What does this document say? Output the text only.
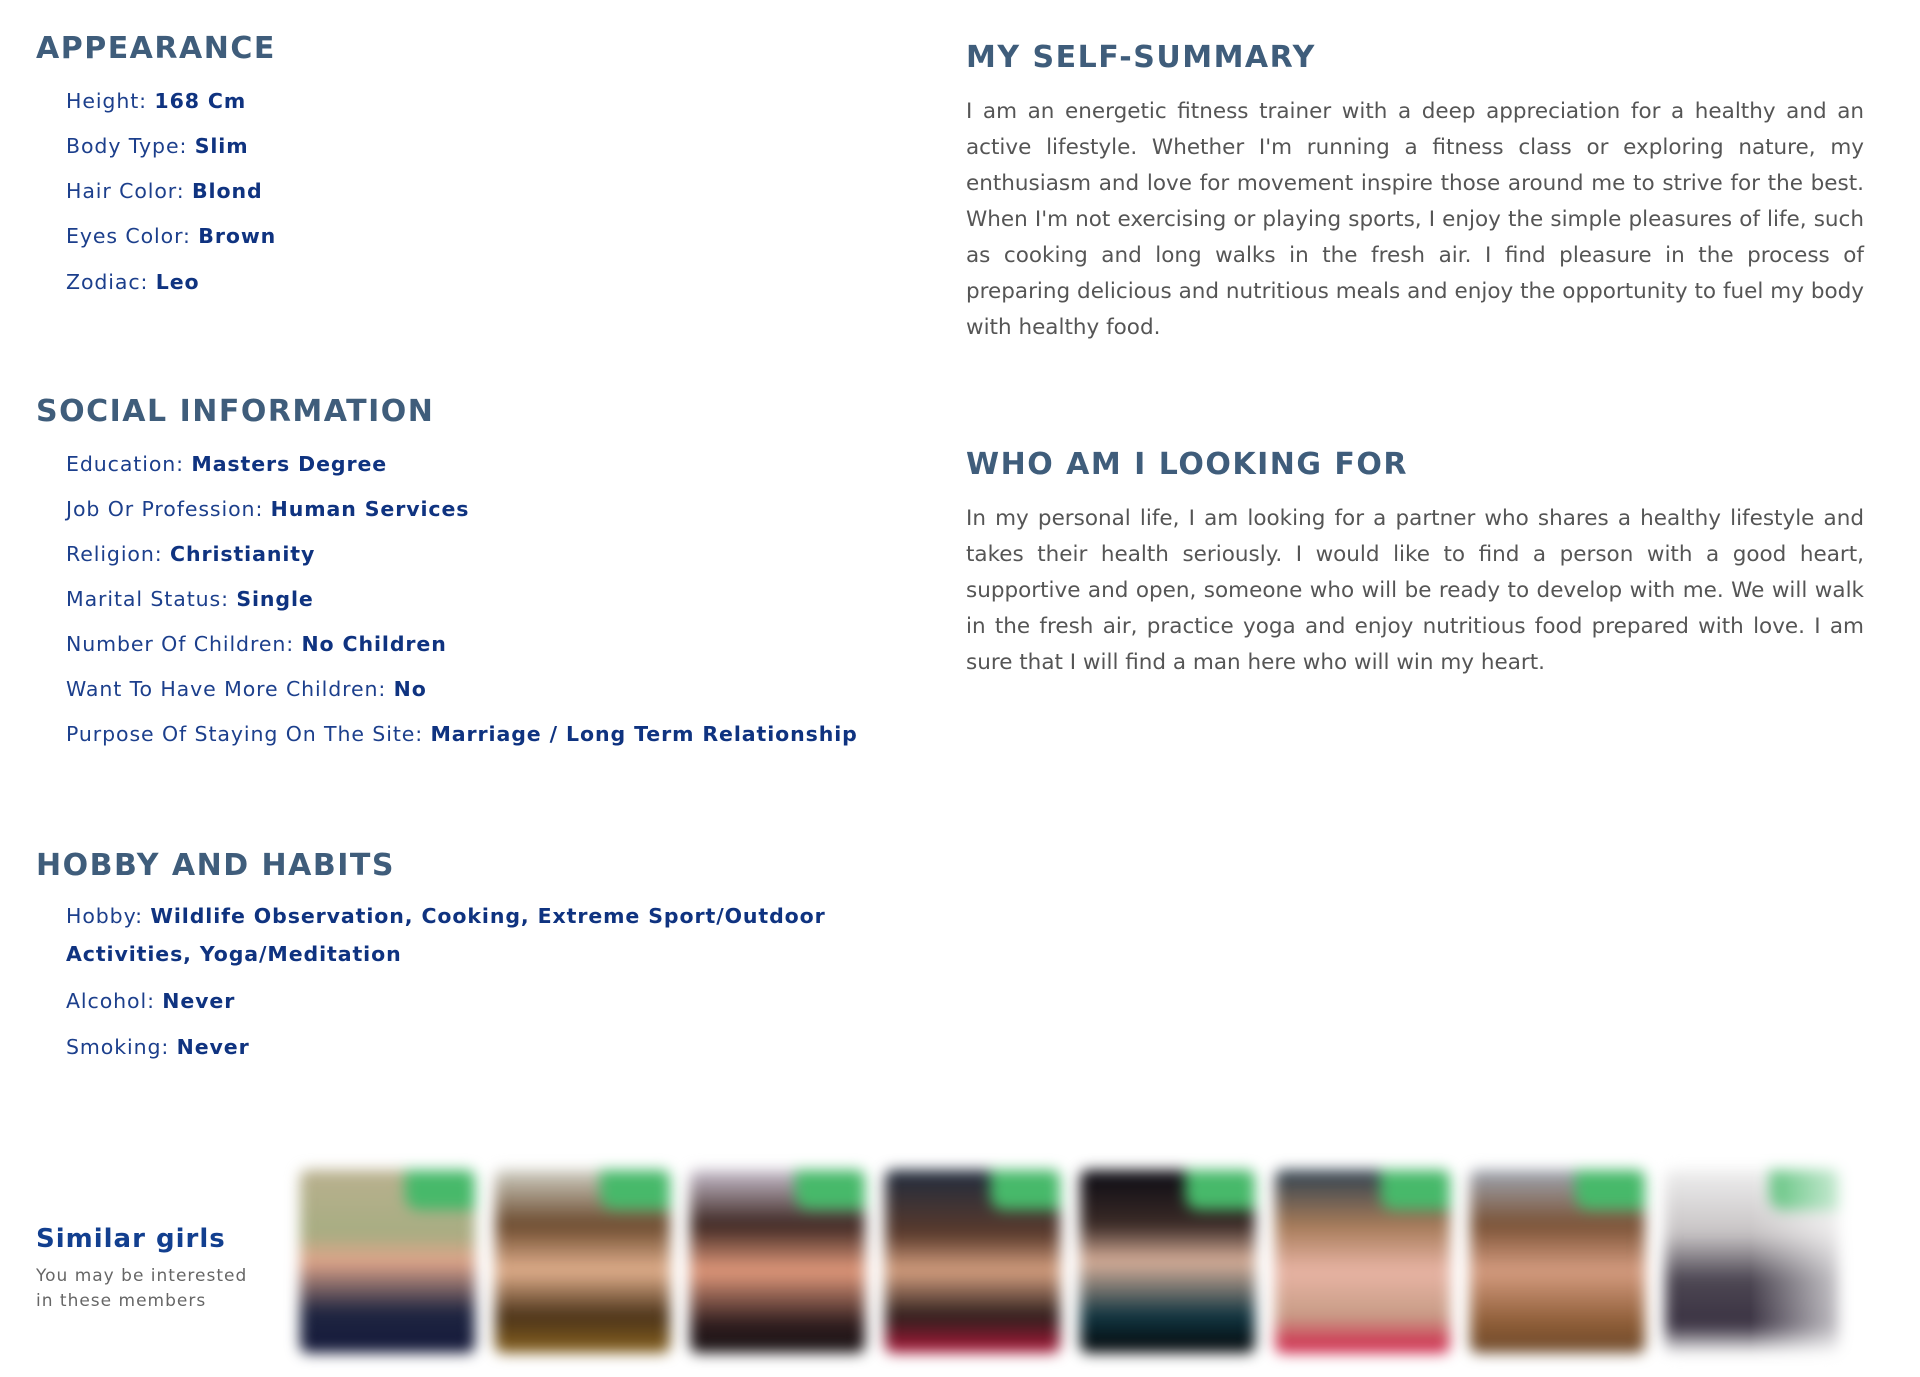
APPEARANCE
Height: 168 Cm
Body Type: Slim
Hair Color: Blond
Eyes Color: Brown
Zodiac: Leo
SOCIAL INFORMATION
Education: Masters Degree
Job Or Profession: Human Services
Religion: Christianity
Marital Status: Single
Number Of Children: No Children
Want To Have More Children: No
Purpose Of Staying On The Site: Marriage / Long Term Relationship
HOBBY AND HABITS
Hobby: Wildlife Observation, Cooking, Extreme Sport/Outdoor Activities, Yoga/Meditation
Alcohol: Never
Smoking: Never
MY SELF-SUMMARY

I am an energetic fitness trainer with a deep appreciation for a healthy and an active lifestyle. Whether I'm running a fitness class or exploring nature, my enthusiasm and love for movement inspire those around me to strive for the best. When I'm not exercising or playing sports, I enjoy the simple pleasures of life, such as cooking and long walks in the fresh air. I find pleasure in the process of preparing delicious and nutritious meals and enjoy the opportunity to fuel my body with healthy food.

WHO AM I LOOKING FOR

In my personal life, I am looking for a partner who shares a healthy lifestyle and takes their health seriously. I would like to find a person with a good heart, supportive and open, someone who will be ready to develop with me. We will walk in the fresh air, practice yoga and enjoy nutritious food prepared with love. I am sure that I will find a man here who will win my heart.

Similar girls

You may be interested in these members
